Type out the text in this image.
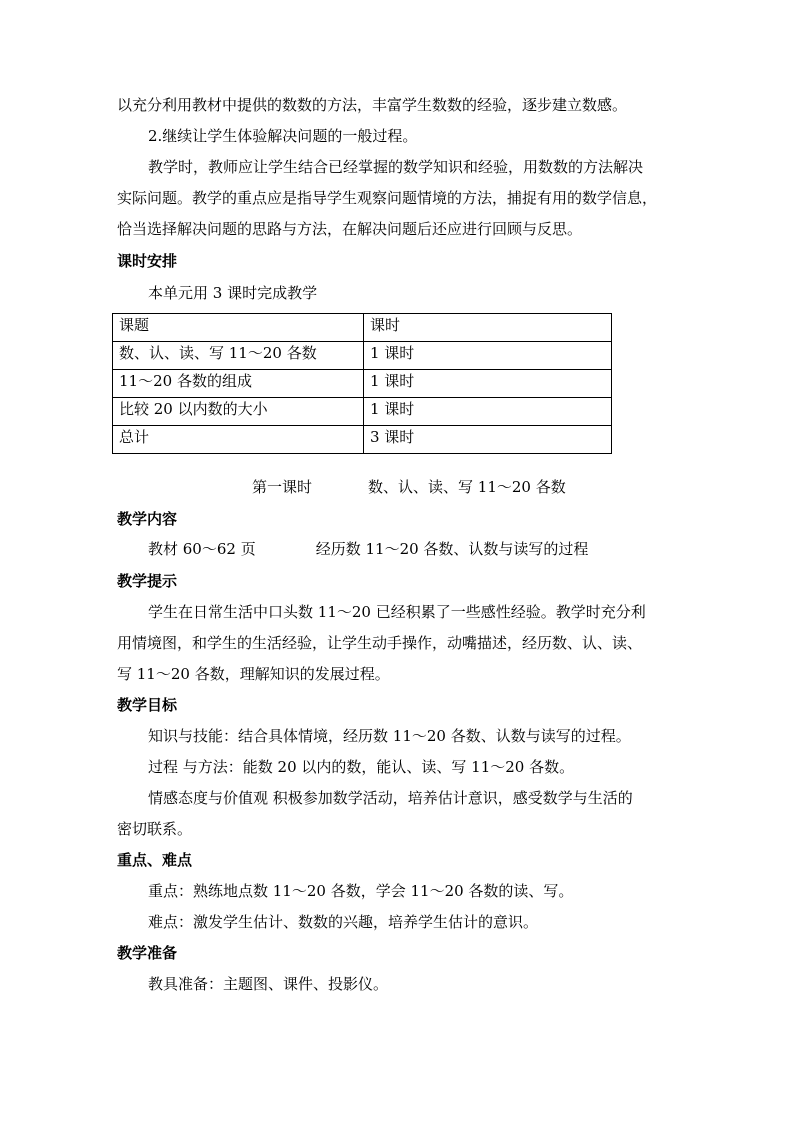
以充分利用教材中提供的数数的方法，丰富学生数数的经验，逐步建立数感。
2.继续让学生体验解决问题的一般过程。
教学时，教师应让学生结合已经掌握的数学知识和经验，用数数的方法解决
实际问题。教学的重点应是指导学生观察问题情境的方法，捕捉有用的数学信息，
恰当选择解决问题的思路与方法，在解决问题后还应进行回顾与反思。
课时安排
本单元用 3 课时完成教学
课题	课时
数、认、读、写 11～20 各数	1 课时
11～20 各数的组成	1 课时
比较 20 以内数的大小	1 课时
总计	3 课时
第一课时	数、认、读、写 11～20 各数
教学内容
教材 60～62 页	经历数 11～20 各数、认数与读写的过程
教学提示
学生在日常生活中口头数 11～20 已经积累了一些感性经验。教学时充分利
用情境图，和学生的生活经验，让学生动手操作，动嘴描述，经历数、认、读、
写 11～20 各数，理解知识的发展过程。
教学目标
知识与技能：结合具体情境，经历数 11～20 各数、认数与读写的过程。
过程 与方法：能数 20 以内的数，能认、读、写 11～20 各数。
情感态度与价值观 积极参加数学活动，培养估计意识，感受数学与生活的
密切联系。
重点、难点
重点：熟练地点数 11～20 各数，学会 11～20 各数的读、写。
难点：激发学生估计、数数的兴趣，培养学生估计的意识。
教学准备
教具准备：主题图、课件、投影仪。
